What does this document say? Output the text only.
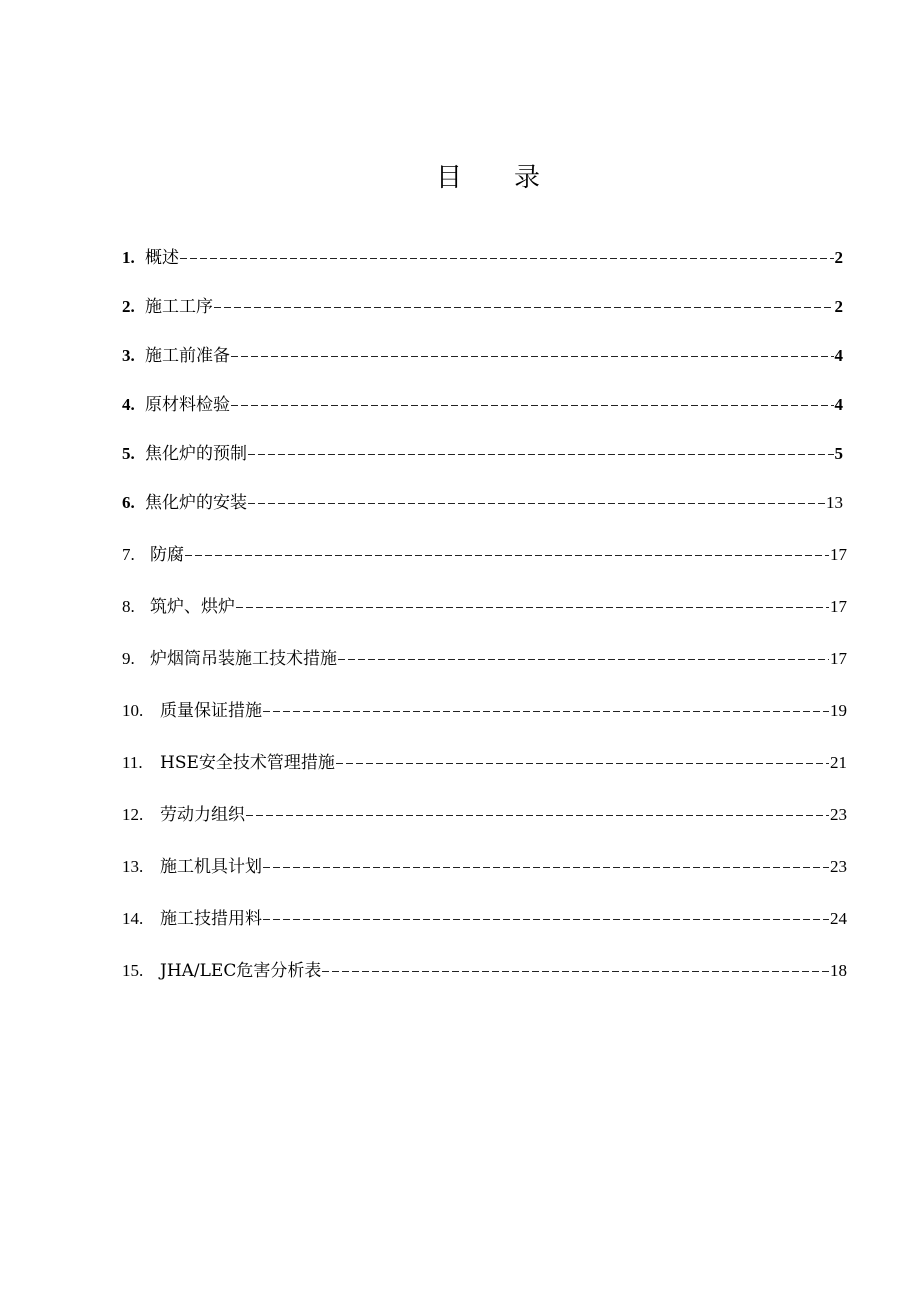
目　　录
1. 概述	2
2. 施工工序	2
3. 施工前准备	4
4. 原材料检验	4
5. 焦化炉的预制	5
6. 焦化炉的安装	13
7. 防腐	17
8. 筑炉、烘炉	17
9. 炉烟筒吊装施工技术措施	17
10. 质量保证措施	19
11.	HSE安全技术管理措施	21
12. 劳动力组织	23
13. 施工机具计划	23
14. 施工技措用料	24
15. JHA/LEC危害分析表	18
